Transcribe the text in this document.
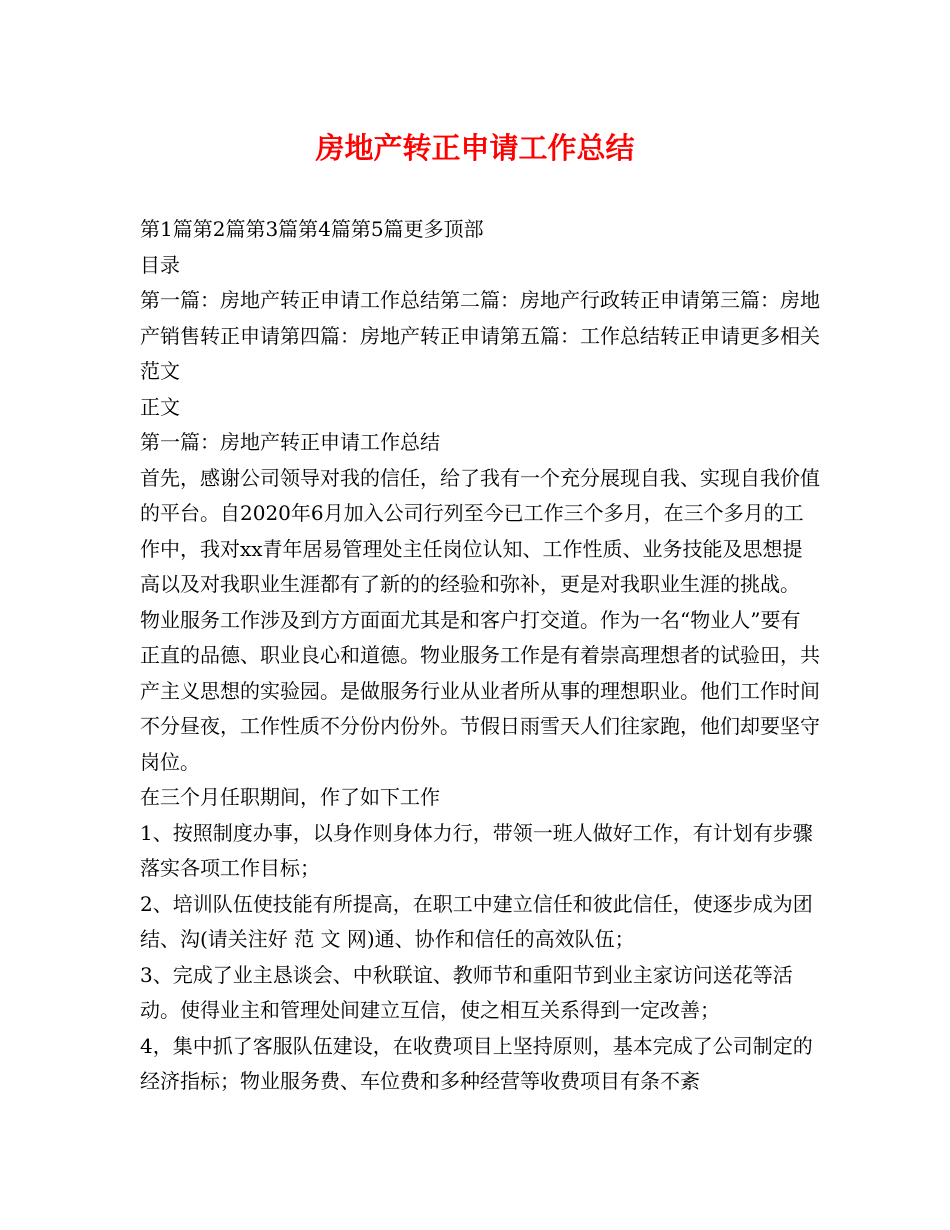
房地产转正申请工作总结

第1篇第2篇第3篇第4篇第5篇更多顶部

目录

第一篇：房地产转正申请工作总结第二篇：房地产行政转正申请第三篇：房地产销售转正申请第四篇：房地产转正申请第五篇：工作总结转正申请更多相关范文

正文

第一篇：房地产转正申请工作总结

首先，感谢公司领导对我的信任，给了我有一个充分展现自我、实现自我价值的平台。自2020年6月加入公司行列至今已工作三个多月，在三个多月的工作中，我对xx青年居易管理处主任岗位认知、工作性质、业务技能及思想提高以及对我职业生涯都有了新的的经验和弥补，更是对我职业生涯的挑战。  物业服务工作涉及到方方面面尤其是和客户打交道。作为一名“物业人”要有正直的品德、职业良心和道德。物业服务工作是有着崇高理想者的试验田，共产主义思想的实验园。是做服务行业从业者所从事的理想职业。他们工作时间不分昼夜，工作性质不分份内份外。节假日雨雪天人们往家跑，他们却要坚守岗位。

在三个月任职期间，作了如下工作

1、按照制度办事，以身作则身体力行，带领一班人做好工作，有计划有步骤落实各项工作目标；

2、培训队伍使技能有所提高，在职工中建立信任和彼此信任，使逐步成为团结、沟(请关注好 范 文 网)通、协作和信任的高效队伍；

3、完成了业主恳谈会、中秋联谊、教师节和重阳节到业主家访问送花等活动。使得业主和管理处间建立互信，使之相互关系得到一定改善；

4，集中抓了客服队伍建设，在收费项目上坚持原则，基本完成了公司制定的经济指标；物业服务费、车位费和多种经营等收费项目有条不紊
